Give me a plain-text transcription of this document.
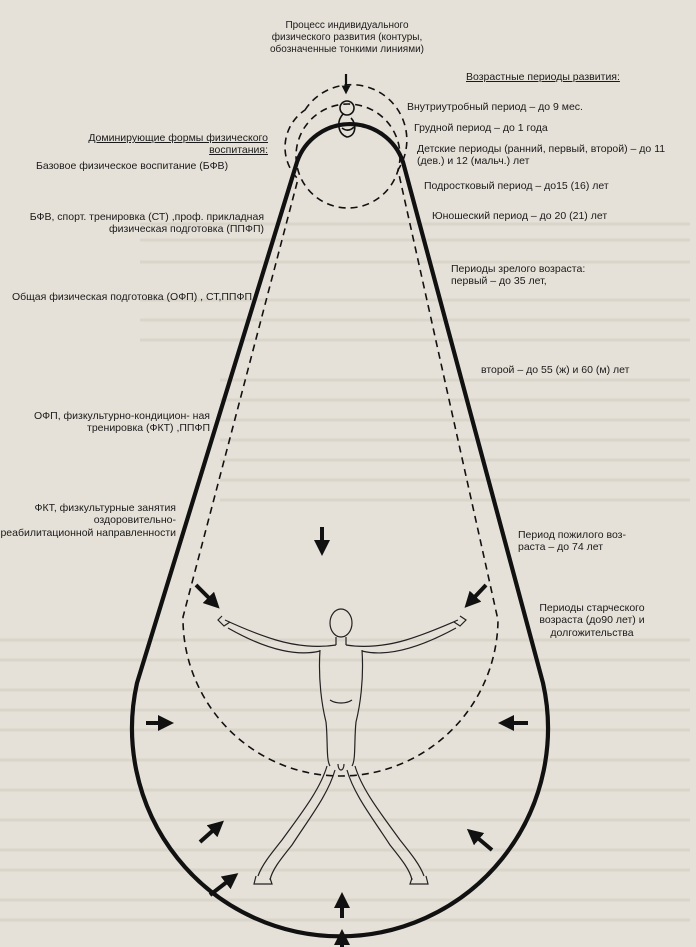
Процесс индивидуального физического развития (контуры, обозначенные тонкими линиями)
Доминирующие формы физического воспитания:
Базовое физическое воспитание (БФВ)
БФВ, спорт. тренировка (СТ) ,проф. прикладная физическая подготовка (ППФП)
Общая физическая подготовка (ОФП) , СТ,ППФП
ОФП, физкультурно-кондицион- ная тренировка (ФКТ) ,ППФП
ФКТ, физкультурные занятия оздоровительно- реабилитационной направленности
Возрастные периоды развития:
Внутриутробный период – до 9 мес.
Грудной период – до 1 года
Детские периоды (ранний, первый, второй) – до 11 (дев.) и 12 (мальч.) лет
Подростковый период – до15 (16) лет
Юношеский период – до 20 (21) лет
Периоды зрелого возраста: первый – до 35 лет,
второй – до 55 (ж) и 60 (м) лет
Период пожилого воз- раста – до 74 лет
Периоды старческого возраста (до90 лет) и долгожительства
